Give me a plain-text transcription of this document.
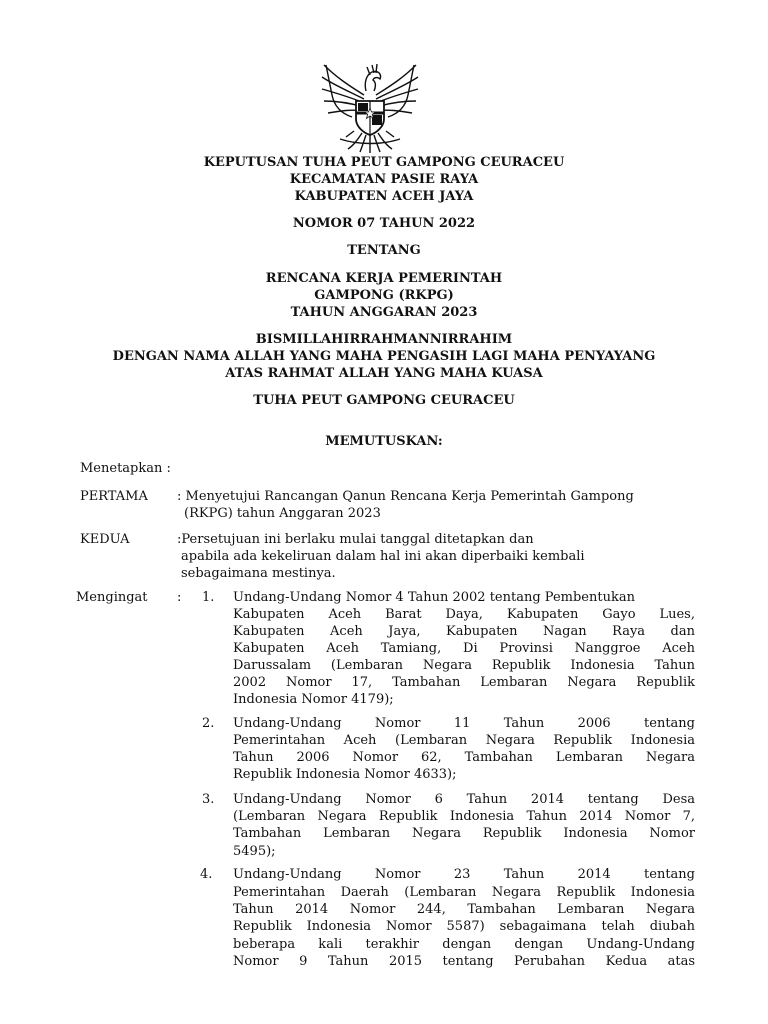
KEPUTUSAN TUHA PEUT GAMPONG CEURACEU
KECAMATAN PASIE RAYA
KABUPATEN ACEH JAYA
NOMOR 07 TAHUN 2022
TENTANG
RENCANA KERJA PEMERINTAH
GAMPONG (RKPG)
TAHUN ANGGARAN 2023
BISMILLAHIRRAHMANNIRRAHIM
DENGAN NAMA ALLAH YANG MAHA PENGASIH LAGI MAHA PENYAYANG
ATAS RAHMAT ALLAH YANG MAHA KUASA
TUHA PEUT GAMPONG CEURACEU
MEMUTUSKAN:
Menetapkan :
PERTAMA : Menyetujui Rancangan Qanun Rencana Kerja Pemerintah Gampong
(RKPG) tahun Anggaran 2023
KEDUA	:Persetujuan ini berlaku mulai tanggal ditetapkan dan
apabila ada kekeliruan dalam hal ini akan diperbaiki kembali
sebagaimana mestinya.
Mengingat : 1. Undang-Undang Nomor 4 Tahun 2002 tentang Pembentukan
Kabupaten Aceh Barat Daya, Kabupaten Gayo Lues,
Kabupaten Aceh Jaya, Kabupaten Nagan Raya dan
Kabupaten Aceh Tamiang, Di Provinsi Nanggroe Aceh
Darussalam (Lembaran Negara Republik Indonesia Tahun
2002 Nomor 17, Tambahan Lembaran Negara Republik
Indonesia Nomor 4179);
2. Undang-Undang Nomor 11 Tahun 2006 tentang
Pemerintahan Aceh (Lembaran Negara Republik Indonesia
Tahun 2006 Nomor 62, Tambahan Lembaran Negara
Republik Indonesia Nomor 4633);
3. Undang-Undang Nomor 6 Tahun 2014 tentang Desa
(Lembaran Negara Republik Indonesia Tahun 2014 Nomor 7,
Tambahan Lembaran Negara Republik Indonesia Nomor
5495);
4. Undang-Undang Nomor 23 Tahun 2014 tentang
Pemerintahan Daerah (Lembaran Negara Republik Indonesia
Tahun 2014 Nomor 244, Tambahan Lembaran Negara
Republik Indonesia Nomor 5587) sebagaimana telah diubah
beberapa kali terakhir dengan dengan Undang-Undang
Nomor 9 Tahun 2015 tentang Perubahan Kedua atas
